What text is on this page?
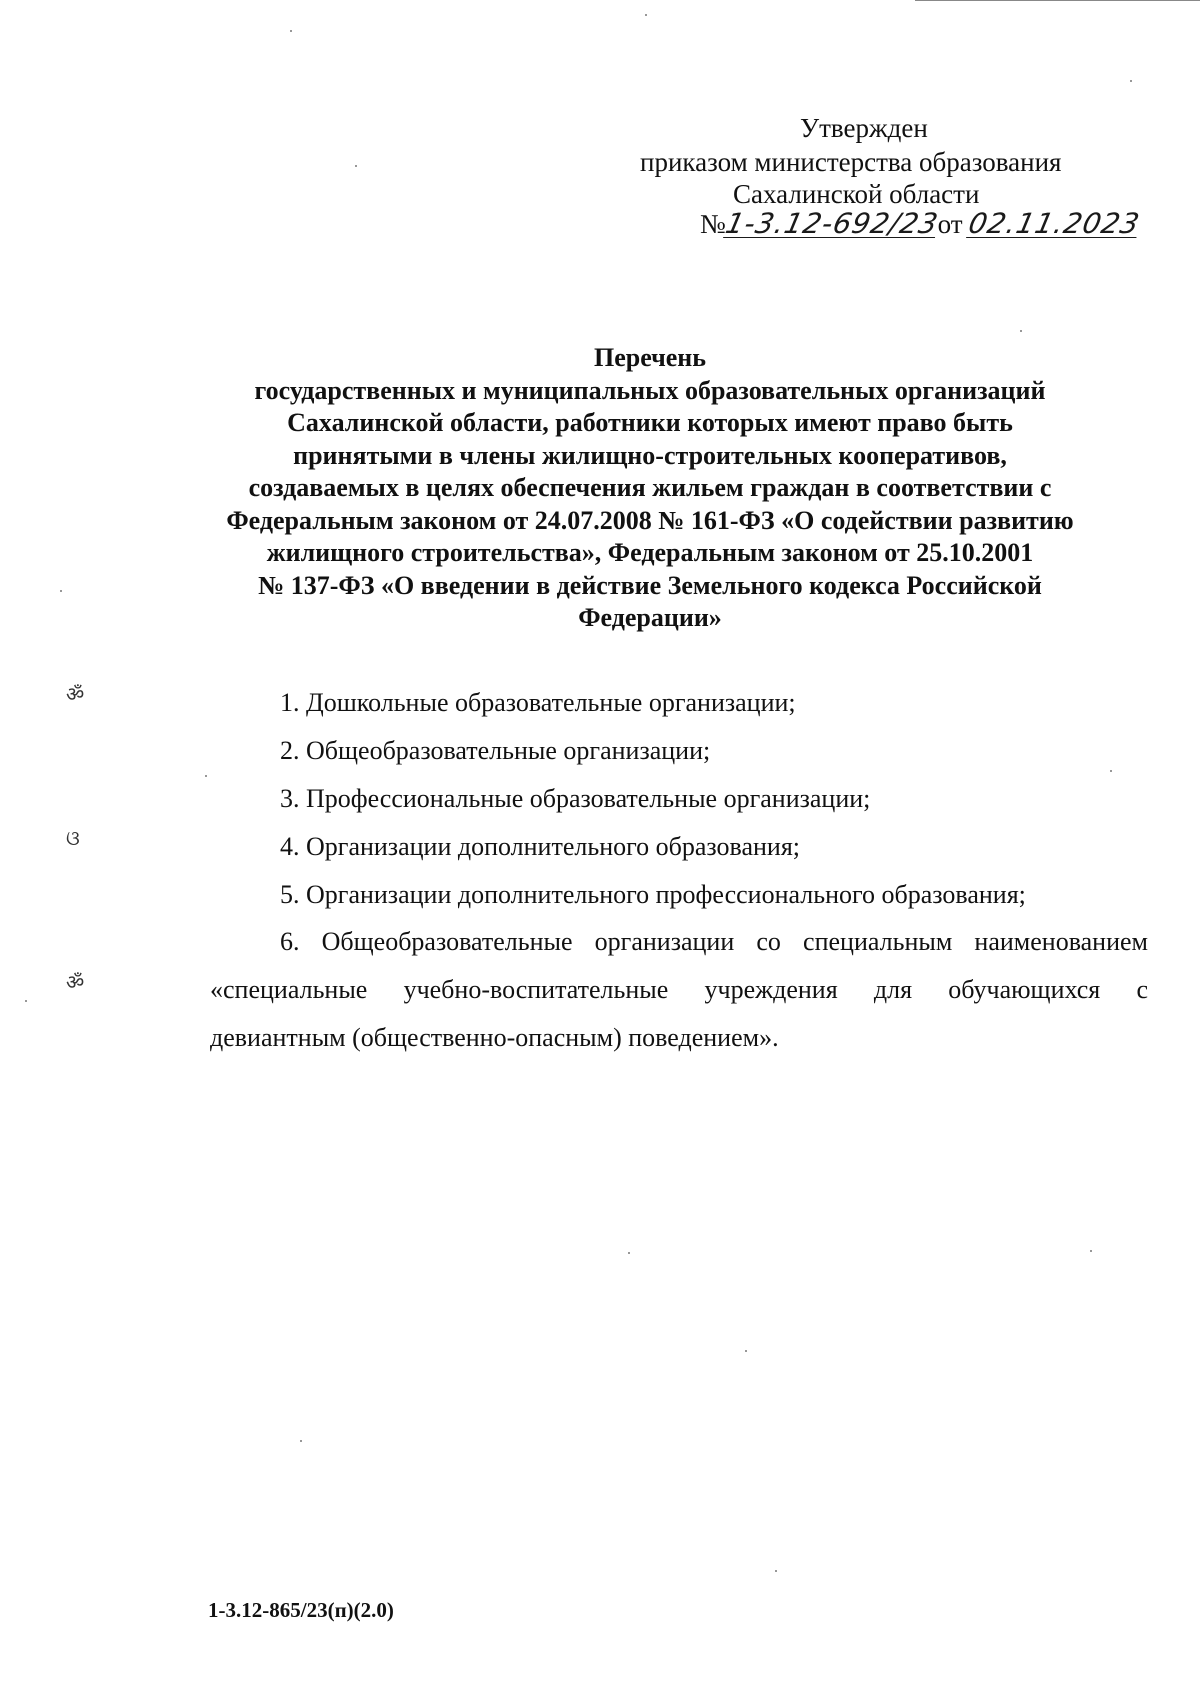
Утвержден
приказом министерства образования
Сахалинской области
№1-3.12-692/23от 02.11.2023

Перечень

государственных и муниципальных образовательных организаций

Сахалинской области, работники которых имеют право быть

принятыми в члены жилищно-строительных кооперативов,

создаваемых в целях обеспечения жильем граждан в соответствии с

Федеральным законом от 24.07.2008 № 161-ФЗ «О содействии развитию

жилищного строительства», Федеральным законом от 25.10.2001

№ 137-ФЗ «О введении в действие Земельного кодекса Российской

Федерации»

1. Дошкольные образовательные организации;
2. Общеобразовательные организации;
3. Профессиональные образовательные организации;
4. Организации дополнительного образования;
5. Организации дополнительного профессионального образования;
6. Общеобразовательные организации со специальным наименованием
«специальные учебно-воспитательные учреждения для обучающихся с
девиантным (общественно-опасным) поведением».
1-3.12-865/23(п)(2.0)
ॐ
ଓ
ॐ
